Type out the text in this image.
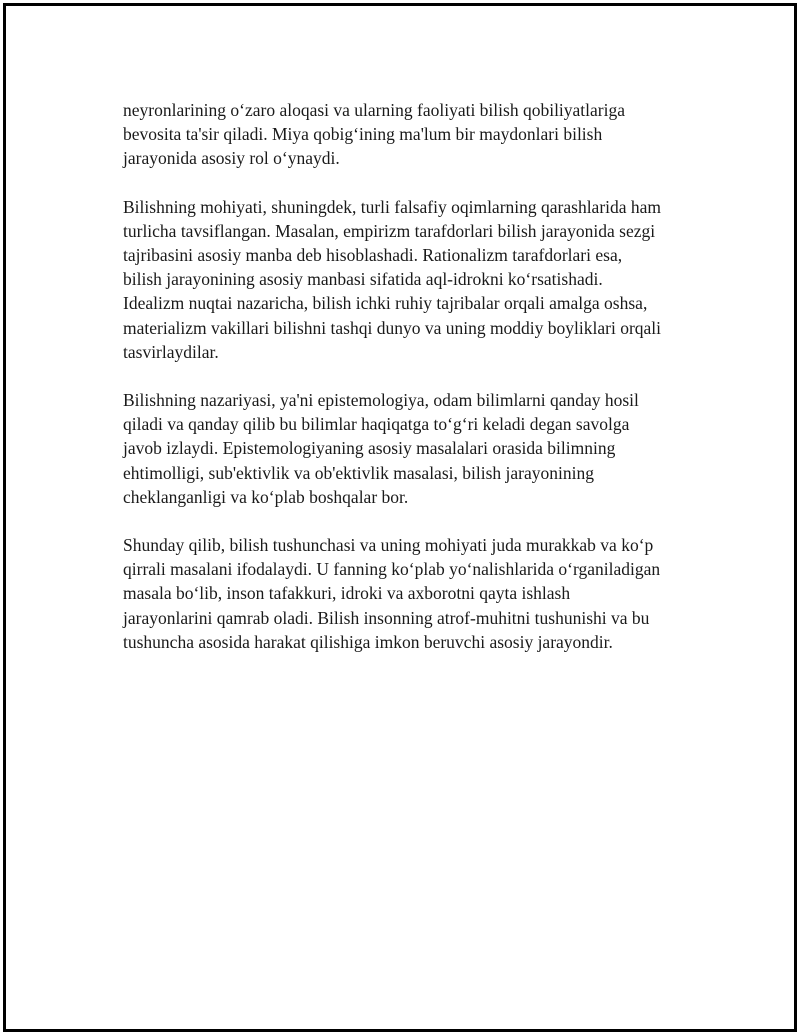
neyronlarining o‘zaro aloqasi va ularning faoliyati bilish qobiliyatlariga
bevosita ta'sir qiladi. Miya qobig‘ining ma'lum bir maydonlari bilish
jarayonida asosiy rol o‘ynaydi.

Bilishning mohiyati, shuningdek, turli falsafiy oqimlarning qarashlarida ham
turlicha tavsiflangan. Masalan, empirizm tarafdorlari bilish jarayonida sezgi
tajribasini asosiy manba deb hisoblashadi. Rationalizm tarafdorlari esa,
bilish jarayonining asosiy manbasi sifatida aql-idrokni ko‘rsatishadi.
Idealizm nuqtai nazaricha, bilish ichki ruhiy tajribalar orqali amalga oshsa,
materializm vakillari bilishni tashqi dunyo va uning moddiy boyliklari orqali
tasvirlaydilar.

Bilishning nazariyasi, ya'ni epistemologiya, odam bilimlarni qanday hosil
qiladi va qanday qilib bu bilimlar haqiqatga to‘g‘ri keladi degan savolga
javob izlaydi. Epistemologiyaning asosiy masalalari orasida bilimning
ehtimolligi, sub'ektivlik va ob'ektivlik masalasi, bilish jarayonining
cheklanganligi va ko‘plab boshqalar bor.

Shunday qilib, bilish tushunchasi va uning mohiyati juda murakkab va ko‘p
qirrali masalani ifodalaydi. U fanning ko‘plab yo‘nalishlarida o‘rganiladigan
masala bo‘lib, inson tafakkuri, idroki va axborotni qayta ishlash
jarayonlarini qamrab oladi. Bilish insonning atrof-muhitni tushunishi va bu
tushuncha asosida harakat qilishiga imkon beruvchi asosiy jarayondir.
